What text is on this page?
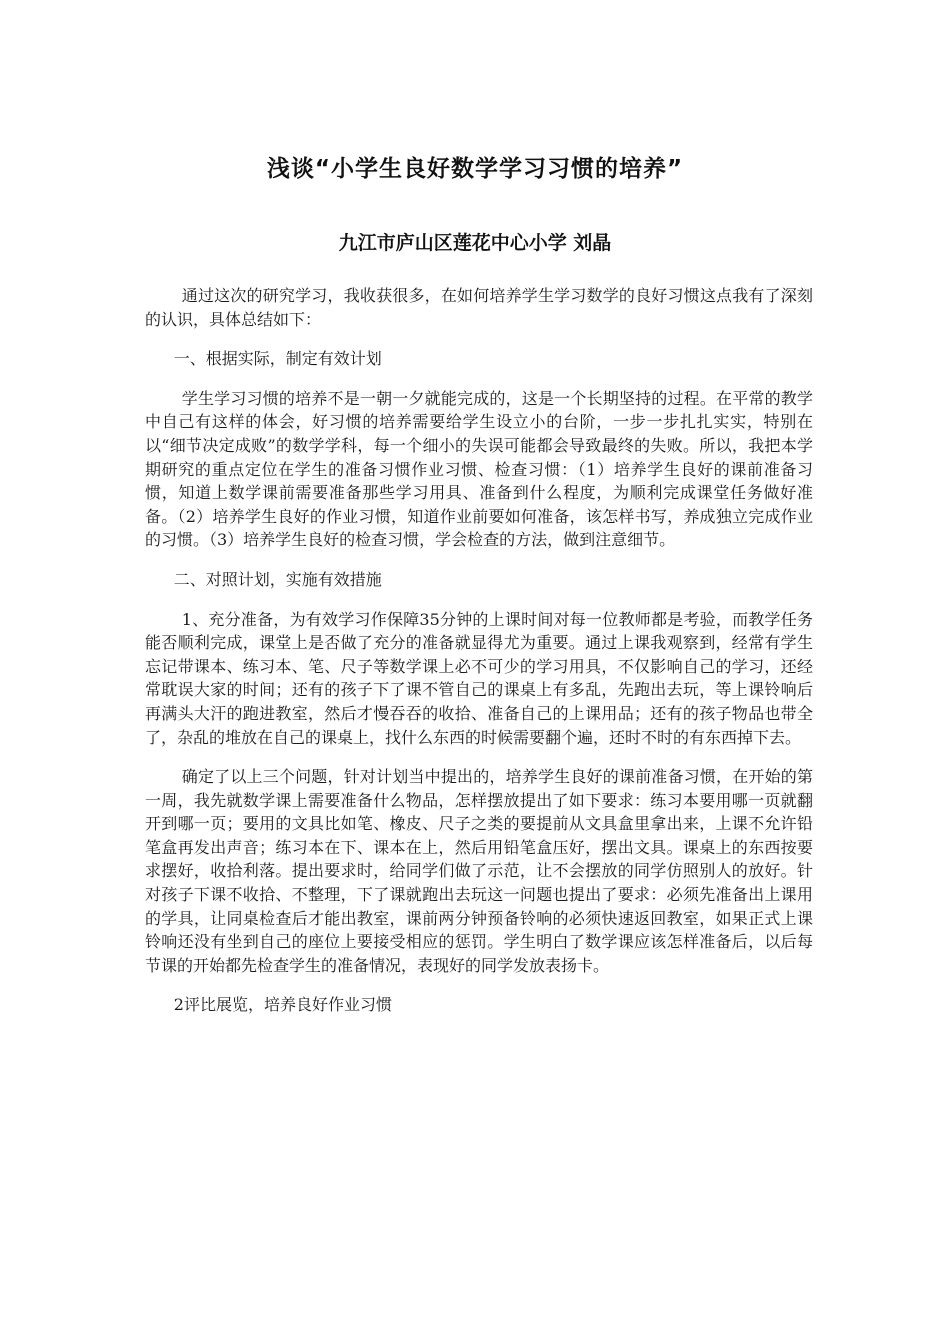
浅谈“小学生良好数学学习习惯的培养”
九江市庐山区莲花中心小学 刘晶

通过这次的研究学习，我收获很多，在如何培养学生学习数学的良好习惯这点我有了深刻的认识，具体总结如下：

一、根据实际，制定有效计划

学生学习习惯的培养不是一朝一夕就能完成的，这是一个长期坚持的过程。在平常的教学中自己有这样的体会，好习惯的培养需要给学生设立小的台阶，一步一步扎扎实实，特别在以“细节决定成败”的数学学科，每一个细小的失误可能都会导致最终的失败。所以，我把本学期研究的重点定位在学生的准备习惯作业习惯、检查习惯：（1）培养学生良好的课前准备习惯，知道上数学课前需要准备那些学习用具、准备到什么程度，为顺利完成课堂任务做好准备。（2）培养学生良好的作业习惯，知道作业前要如何准备，该怎样书写，养成独立完成作业的习惯。（3）培养学生良好的检查习惯，学会检查的方法，做到注意细节。

二、对照计划，实施有效措施

1、充分准备，为有效学习作保障35分钟的上课时间对每一位教师都是考验，而教学任务能否顺利完成，课堂上是否做了充分的准备就显得尤为重要。通过上课我观察到，经常有学生忘记带课本、练习本、笔、尺子等数学课上必不可少的学习用具，不仅影响自己的学习，还经常耽误大家的时间；还有的孩子下了课不管自己的课桌上有多乱，先跑出去玩，等上课铃响后再满头大汗的跑进教室，然后才慢吞吞的收拾、准备自己的上课用品；还有的孩子物品也带全了，杂乱的堆放在自己的课桌上，找什么东西的时候需要翻个遍，还时不时的有东西掉下去。

确定了以上三个问题，针对计划当中提出的，培养学生良好的课前准备习惯，在开始的第一周，我先就数学课上需要准备什么物品，怎样摆放提出了如下要求：练习本要用哪一页就翻开到哪一页；要用的文具比如笔、橡皮、尺子之类的要提前从文具盒里拿出来，上课不允许铅笔盒再发出声音；练习本在下、课本在上，然后用铅笔盒压好，摆出文具。课桌上的东西按要求摆好，收拾利落。提出要求时，给同学们做了示范，让不会摆放的同学仿照别人的放好。针对孩子下课不收拾、不整理，下了课就跑出去玩这一问题也提出了要求：必须先准备出上课用的学具，让同桌检查后才能出教室，课前两分钟预备铃响的必须快速返回教室，如果正式上课铃响还没有坐到自己的座位上要接受相应的惩罚。学生明白了数学课应该怎样准备后，以后每节课的开始都先检查学生的准备情况，表现好的同学发放表扬卡。

2评比展览，培养良好作业习惯
